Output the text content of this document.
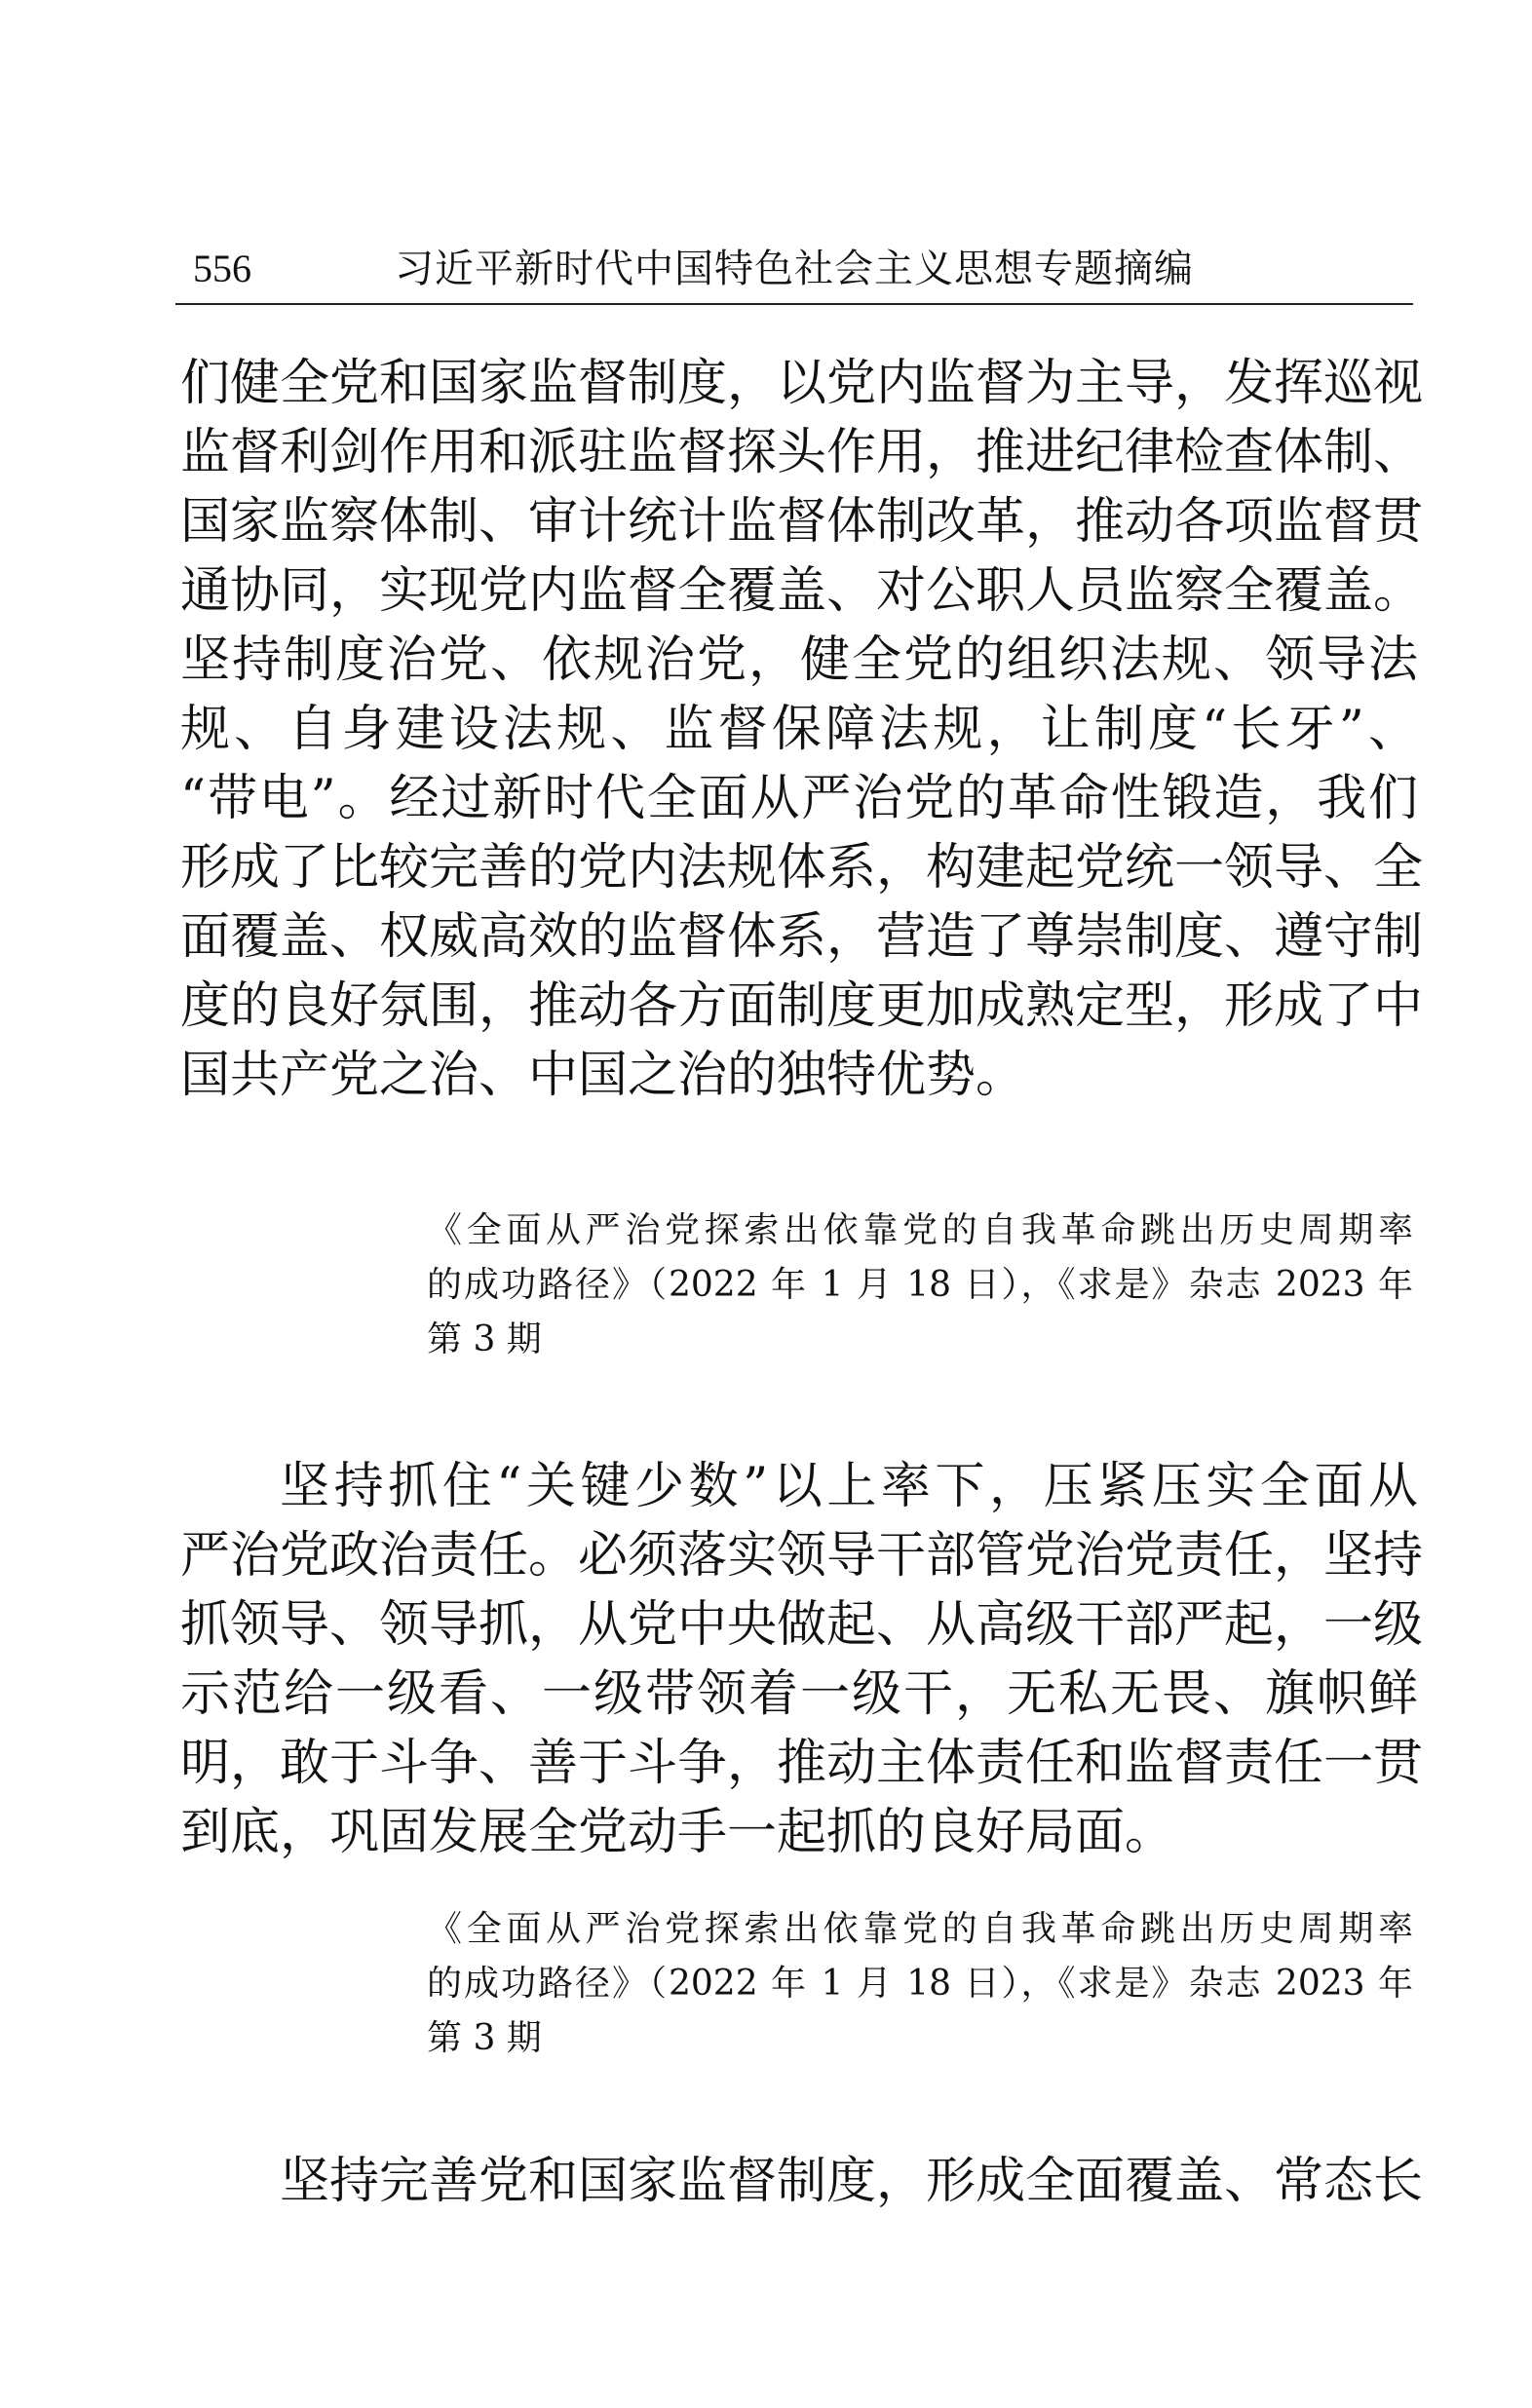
556	习近平新时代中国特色社会主义思想专题摘编
们健全党和国家监督制度，以党内监督为主导，发挥巡视
监督利剑作用和派驻监督探头作用，推进纪律检查体制、
国家监察体制、审计统计监督体制改革，推动各项监督贯
通协同，实现党内监督全覆盖、对公职人员监察全覆盖。
坚持制度治党、依规治党，健全党的组织法规、领导法
规、自身建设法规、监督保障法规，让制度“长牙”、
“带电”。经过新时代全面从严治党的革命性锻造，我们
形成了比较完善的党内法规体系，构建起党统一领导、全
面覆盖、权威高效的监督体系，营造了尊崇制度、遵守制
度的良好氛围，推动各方面制度更加成熟定型，形成了中
国共产党之治、中国之治的独特优势。
《全面从严治党探索出依靠党的自我革命跳出历史周期率
的成功路径》（2022 年 1 月 18 日），《求是》杂志 2023 年
第 3 期
坚持抓住“关键少数”以上率下，压紧压实全面从
严治党政治责任。必须落实领导干部管党治党责任，坚持
抓领导、领导抓，从党中央做起、从高级干部严起，一级
示范给一级看、一级带领着一级干，无私无畏、旗帜鲜
明，敢于斗争、善于斗争，推动主体责任和监督责任一贯
到底，巩固发展全党动手一起抓的良好局面。
《全面从严治党探索出依靠党的自我革命跳出历史周期率
的成功路径》（2022 年 1 月 18 日），《求是》杂志 2023 年
第 3 期
坚持完善党和国家监督制度，形成全面覆盖、常态长
